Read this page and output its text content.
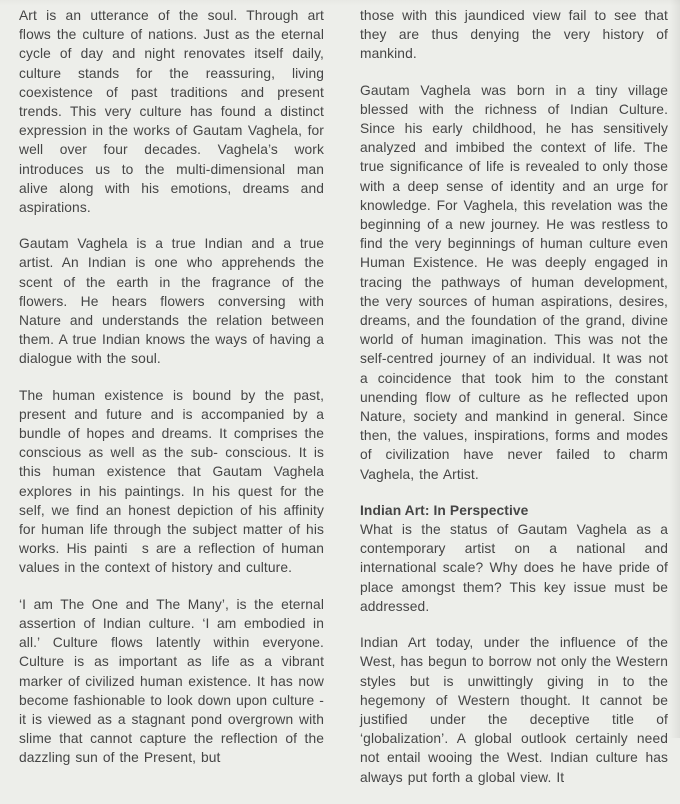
Art is an utterance of the soul. Through art flows the culture of nations. Just as the eternal cycle of day and night renovates itself daily, culture stands for the reassuring, living coexistence of past traditions and present trends. This very culture has found a distinct expression in the works of Gautam Vaghela, for well over four decades. Vaghela’s work introduces us to the multi-dimensional man alive along with his emotions, dreams and aspirations.

Gautam Vaghela is a true Indian and a true artist. An Indian is one who apprehends the scent of the earth in the fragrance of the flowers. He hears flowers conversing with Nature and understands the relation between them. A true Indian knows the ways of having a dialogue with the soul.

The human existence is bound by the past, present and future and is accompanied by a bundle of hopes and dreams. It comprises the conscious as well as the sub- conscious. It is this human existence that Gautam Vaghela explores in his paintings. In his quest for the self, we find an honest depiction of his affinity for human life through the subject matter of his works. His painti  s are a reflection of human values in the context of history and culture.

‘I am The One and The Many’, is the eternal assertion of Indian culture. ‘I am embodied in all.’ Culture flows latently within everyone. Culture is as important as life as a vibrant marker of civilized human existence. It has now become fashionable to look down upon culture - it is viewed as a stagnant pond overgrown with slime that cannot capture the reflection of the dazzling sun of the Present, but

those with this jaundiced view fail to see that they are thus denying the very history of mankind.

Gautam Vaghela was born in a tiny village blessed with the richness of Indian Culture. Since his early childhood, he has sensitively analyzed and imbibed the context of life. The true significance of life is revealed to only those with a deep sense of identity and an urge for knowledge. For Vaghela, this revelation was the beginning of a new journey. He was restless to find the very beginnings of human culture even Human Existence. He was deeply engaged in tracing the pathways of human development, the very sources of human aspirations, desires, dreams, and the foundation of the grand, divine world of human imagination. This was not the self-centred journey of an individual. It was not a coincidence that took him to the constant unending flow of culture as he reflected upon Nature, society and mankind in general. Since then, the values, inspirations, forms and modes of civilization have never failed to charm Vaghela, the Artist.

Indian Art: In Perspective

What is the status of Gautam Vaghela as a contemporary artist on a national and international scale? Why does he have pride of place amongst them? This key issue must be addressed.

Indian Art today, under the influence of the West, has begun to borrow not only the Western styles but is unwittingly giving in to the hegemony of Western thought. It cannot be justified under the deceptive title of ‘globalization’. A global outlook certainly need not entail wooing the West. Indian culture has always put forth a global view. It
